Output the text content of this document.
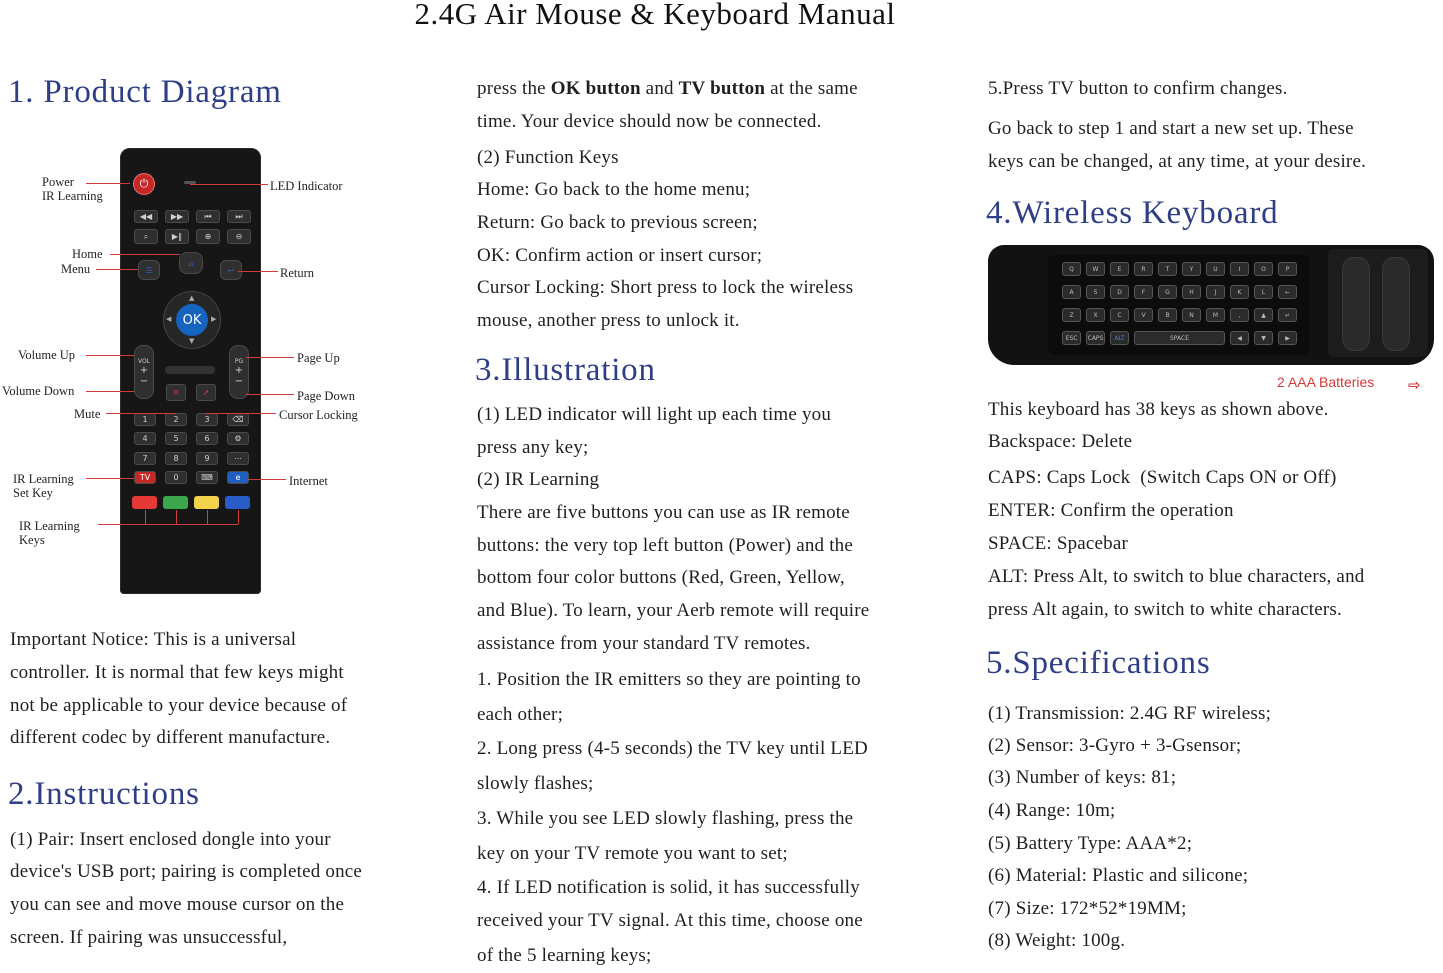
2.4G Air Mouse & Keyboard Manual
1. Product Diagram
⏻
◀◀	▶▶	⏮	⏭
⌕	▶‖	⊕	⊖
☰
⌂
↩
▲
▼
◀	▶
OK
VOL
+
−
PG
+
−
✕	➚
1	2	3	⌫
4	5	6	⚙
7	8	9	⋯
TV	0	⌨	e
Power
IR Learning
LED Indicator
Home
Menu	Return
Volume Up
Volume Down
Page Up
Page Down
Mute	Cursor Locking
IR Learning
Set Key
Internet
IR Learning
Keys
Important Notice: This is a universal
controller. It is normal that few keys might
not be applicable to your device because of
different codec by different manufacture.
2.Instructions
(1) Pair: Insert enclosed dongle into your
device's USB port; pairing is completed once
you can see and move mouse cursor on the
screen. If pairing was unsuccessful,
press the OK button and TV button at the same
time. Your device should now be connected.
(2) Function Keys
Home: Go back to the home menu;
Return: Go back to previous screen;
OK: Confirm action or insert cursor;
Cursor Locking: Short press to lock the wireless
mouse, another press to unlock it.
3.Illustration
(1) LED indicator will light up each time you
press any key;
(2) IR Learning
There are five buttons you can use as IR remote
buttons: the very top left button (Power) and the
bottom four color buttons (Red, Green, Yellow,
and Blue). To learn, your Aerb remote will require
assistance from your standard TV remotes.
1. Position the IR emitters so they are pointing to
each other;
2. Long press (4-5 seconds) the TV key until LED
slowly flashes;
3. While you see LED slowly flashing, press the
key on your TV remote you want to set;
4. If LED notification is solid, it has successfully
received your TV signal. At this time, choose one
of the 5 learning keys;
5.Press TV button to confirm changes.
Go back to step 1 and start a new set up. These
keys can be changed, at any time, at your desire.
4.Wireless Keyboard
Q	W	E	R	T	Y	U	I	O	P
A	S	D	F	G	H	J	K	L	←
Z	X	C	V	B	N	M	,	▲	↵
ESC	CAPS	ALT	SPACE	◀	▼	▶
2 AAA Batteries ⇨
This keyboard has 38 keys as shown above.
Backspace: Delete
CAPS: Caps Lock  (Switch Caps ON or Off)
ENTER: Confirm the operation
SPACE: Spacebar
ALT: Press Alt, to switch to blue characters, and
press Alt again, to switch to white characters.
5.Specifications
(1) Transmission: 2.4G RF wireless;
(2) Sensor: 3-Gyro + 3-Gsensor;
(3) Number of keys: 81;
(4) Range: 10m;
(5) Battery Type: AAA*2;
(6) Material: Plastic and silicone;
(7) Size: 172*52*19MM;
(8) Weight: 100g.
